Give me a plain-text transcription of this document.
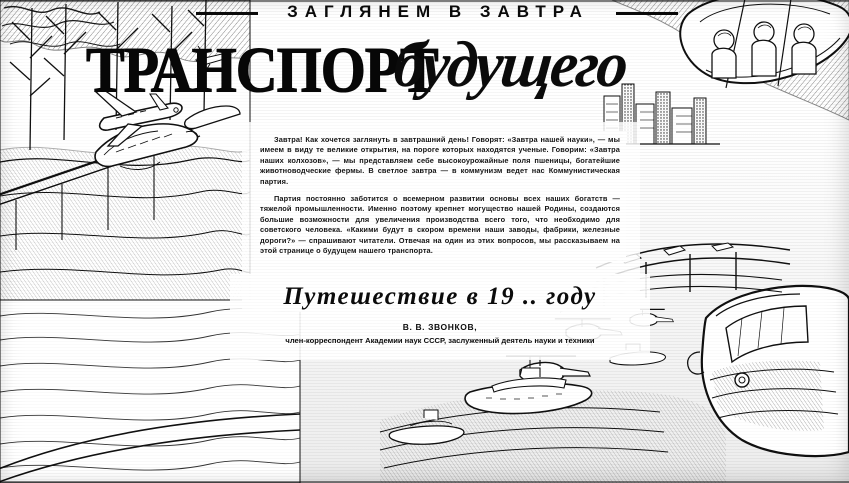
ЗАГЛЯНЕМ В ЗАВТРА
ТРАНСПОРТ
будущего

Завтра! Как хочется заглянуть в завтрашний день! Говорят: «Завтра нашей науки», — мы имеем в виду те великие открытия, на пороге которых находятся ученые. Говорим: «Завтра наших колхозов», — мы представляем себе высокоурожайные поля пшеницы, богатейшие животноводческие фермы. В светлое завтра — в коммунизм ведет нас Коммунистическая партия.

Партия постоянно заботится о всемерном развитии основы всех наших богатств — тяжелой промышленности. Именно поэтому крепнет могущество нашей Родины, создаются большие возможности для увеличения производства всего того, что необходимо для советского человека. «Какими будут в скором времени наши заводы, фабрики, железные дороги?» — спрашивают читатели. Отвечая на один из этих вопросов, мы рассказываем на этой странице о будущем нашего транспорта.

Путешествие в 19 .. году
В. В. ЗВОНКОВ,
член-корреспондент Академии наук СССР, заслуженный деятель науки и техники
